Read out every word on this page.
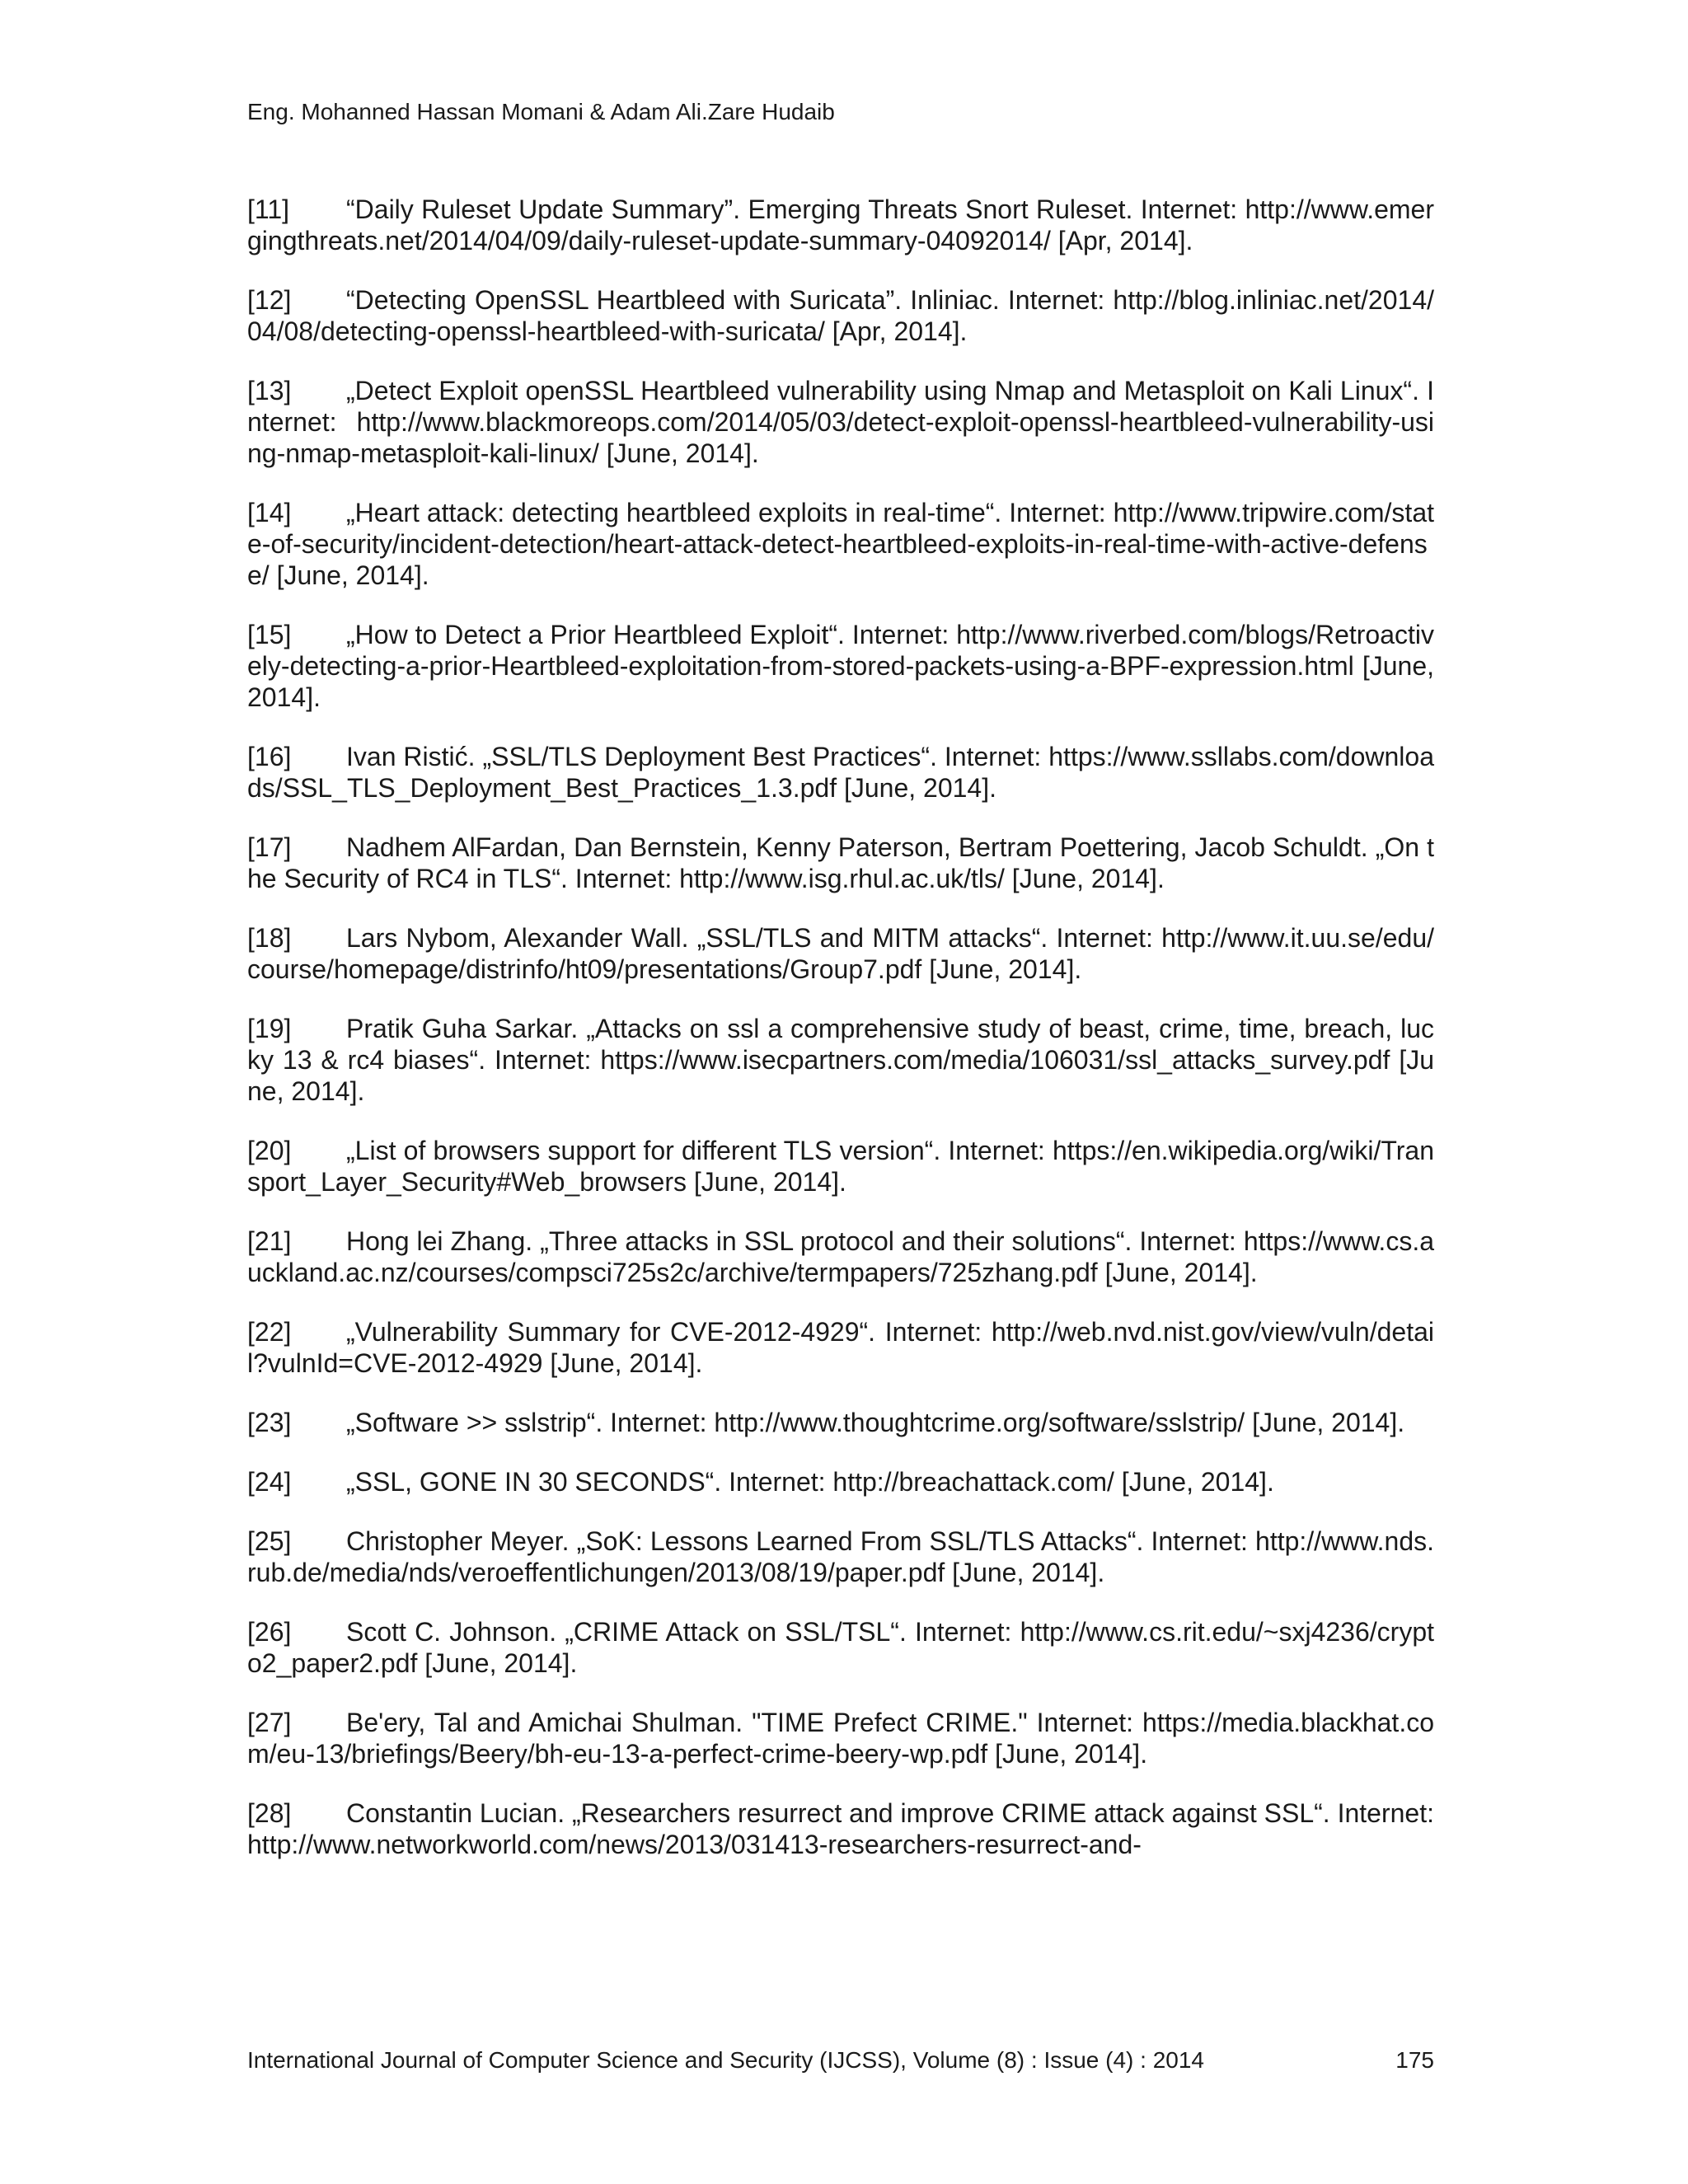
Eng. Mohanned Hassan Momani & Adam Ali.Zare Hudaib

[11] “Daily Ruleset Update Summary”. Emerging Threats Snort Ruleset. Internet: http://www.emergingthreats.net/2014/04/09/daily-ruleset-update-summary-04092014/ [Apr, 2014].

[12] “Detecting OpenSSL Heartbleed with Suricata”. Inliniac. Internet: http://blog.inliniac.net/2014/04/08/detecting-openssl-heartbleed-with-suricata/ [Apr, 2014].

[13] „Detect Exploit openSSL Heartbleed vulnerability using Nmap and Metasploit on Kali Linux“. Internet: http://www.blackmoreops.com/2014/05/03/detect-exploit-openssl-heartbleed-vulnerability-using-nmap-metasploit-kali-linux/ [June, 2014].

[14] „Heart attack: detecting heartbleed exploits in real-time“. Internet: http://www.tripwire.com/state-of-security/incident-detection/heart-attack-detect-heartbleed-exploits-in-real-time-with-active-defense/ [June, 2014].

[15] „How to Detect a Prior Heartbleed Exploit“. Internet: http://www.riverbed.com/blogs/Retroactively-detecting-a-prior-Heartbleed-exploitation-from-stored-packets-using-a-BPF-expression.html [June, 2014].

[16] Ivan Ristić. „SSL/TLS Deployment Best Practices“. Internet: https://www.ssllabs.com/downloads/SSL_TLS_Deployment_Best_Practices_1.3.pdf [June, 2014].

[17] Nadhem AlFardan, Dan Bernstein, Kenny Paterson, Bertram Poettering, Jacob Schuldt. „On the Security of RC4 in TLS“. Internet: http://www.isg.rhul.ac.uk/tls/ [June, 2014].

[18] Lars Nybom, Alexander Wall. „SSL/TLS and MITM attacks“. Internet: http://www.it.uu.se/edu/course/homepage/distrinfo/ht09/presentations/Group7.pdf [June, 2014].

[19] Pratik Guha Sarkar. „Attacks on ssl a comprehensive study of beast, crime, time, breach, lucky 13 & rc4 biases“. Internet: https://www.isecpartners.com/media/106031/ssl_attacks_survey.pdf [June, 2014].

[20] „List of browsers support for different TLS version“. Internet: https://en.wikipedia.org/wiki/Transport_Layer_Security#Web_browsers [June, 2014].

[21] Hong lei Zhang. „Three attacks in SSL protocol and their solutions“. Internet: https://www.cs.auckland.ac.nz/courses/compsci725s2c/archive/termpapers/725zhang.pdf [June, 2014].

[22] „Vulnerability Summary for CVE-2012-4929“. Internet: http://web.nvd.nist.gov/view/vuln/detail?vulnId=CVE-2012-4929 [June, 2014].

[23] „Software >> sslstrip“. Internet: http://www.thoughtcrime.org/software/sslstrip/ [June, 2014].

[24] „SSL, GONE IN 30 SECONDS“. Internet: http://breachattack.com/ [June, 2014].

[25] Christopher Meyer. „SoK: Lessons Learned From SSL/TLS Attacks“. Internet: http://www.nds.rub.de/media/nds/veroeffentlichungen/2013/08/19/paper.pdf [June, 2014].

[26] Scott C. Johnson. „CRIME Attack on SSL/TSL“. Internet: http://www.cs.rit.edu/~sxj4236/crypto2_paper2.pdf [June, 2014].

[27] Be'ery, Tal and Amichai Shulman. "TIME Prefect CRIME." Internet: https://media.blackhat.com/eu-13/briefings/Beery/bh-eu-13-a-perfect-crime-beery-wp.pdf [June, 2014].

[28] Constantin Lucian. „Researchers resurrect and improve CRIME attack against SSL“. Internet: http://www.networkworld.com/news/2013/031413-researchers-resurrect-and-

International Journal of Computer Science and Security (IJCSS), Volume (8) : Issue (4) : 2014	175
